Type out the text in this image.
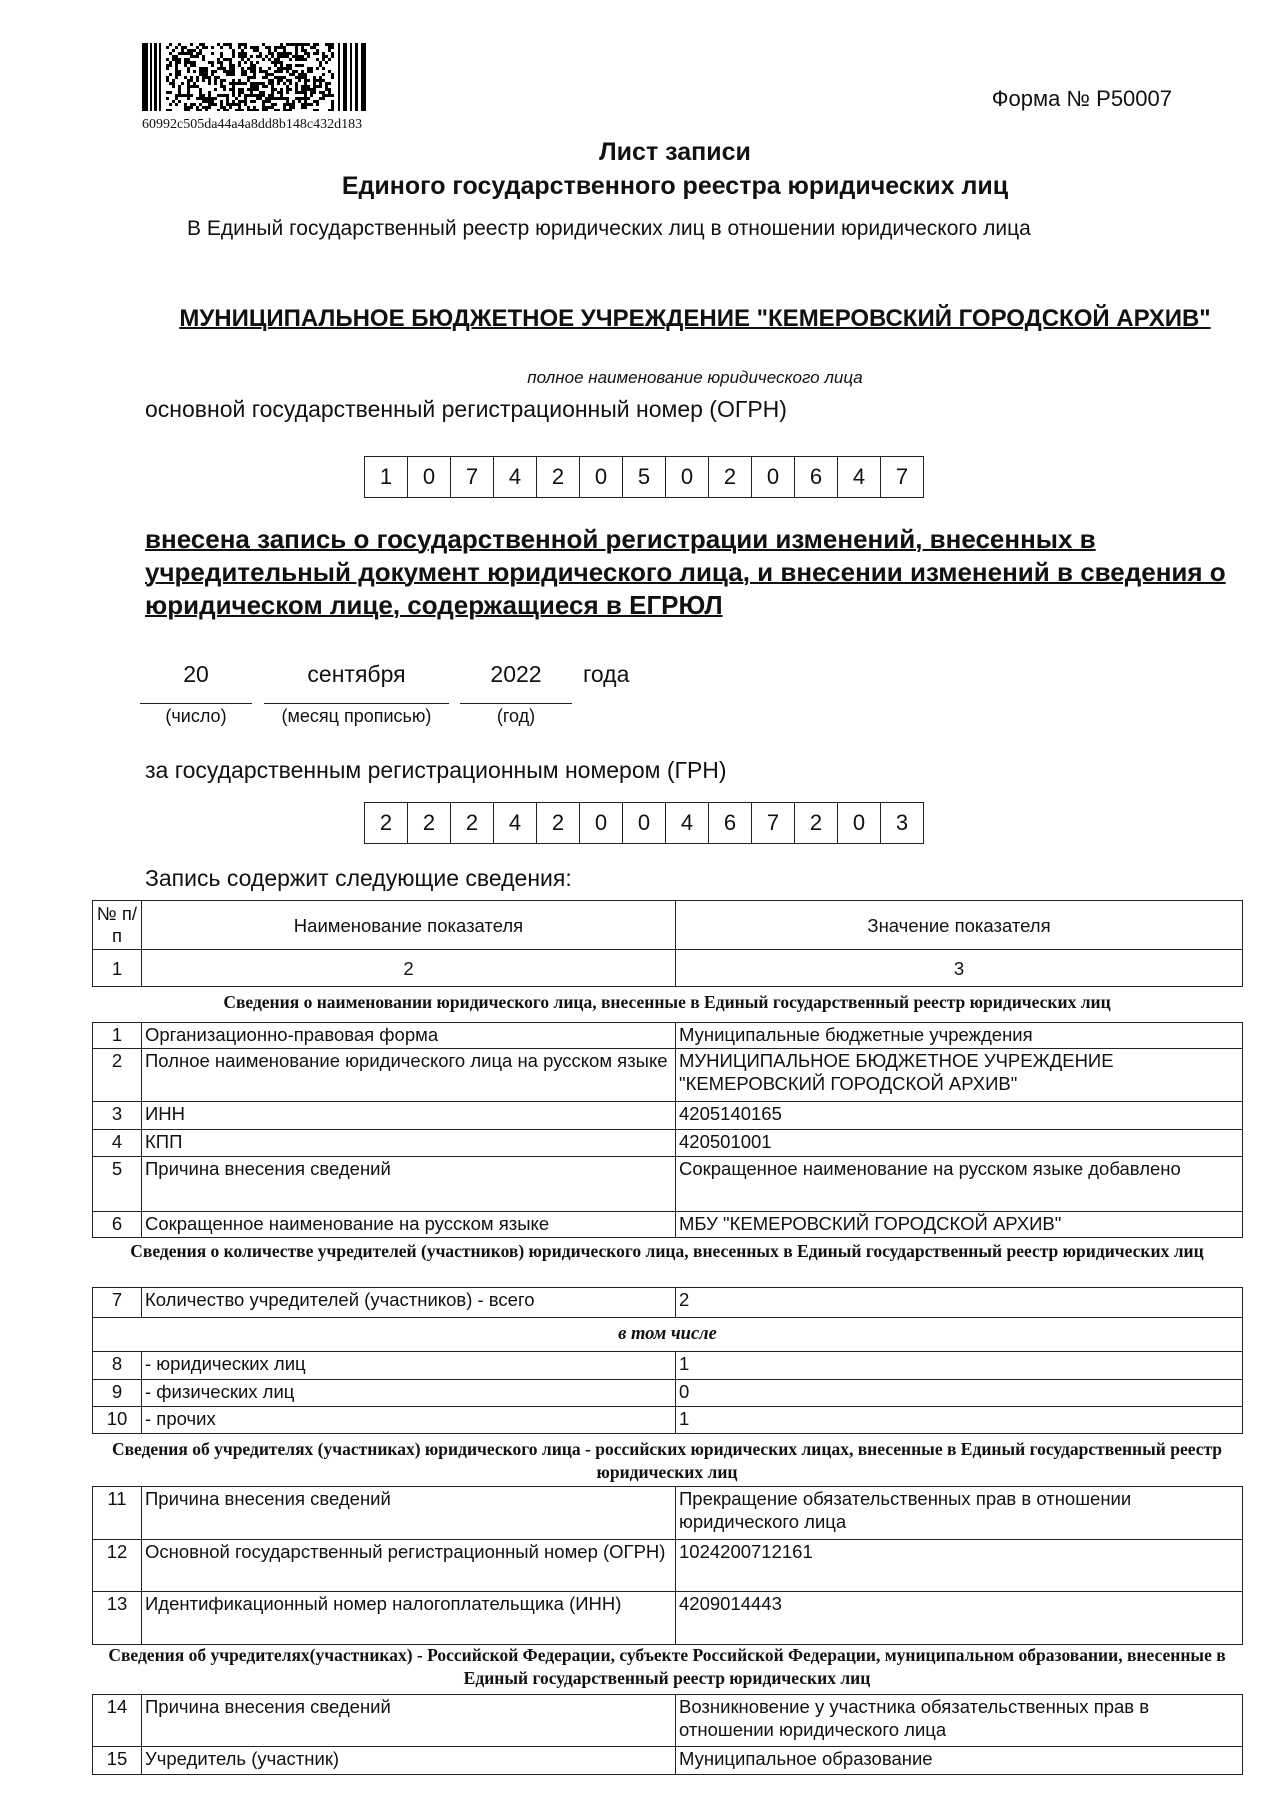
60992c505da44a4a8dd8b148c432d183
Форма № Р50007
Лист записи
Единого государственного реестра юридических лиц
В Единый государственный реестр юридических лиц в отношении юридического лица
МУНИЦИПАЛЬНОЕ БЮДЖЕТНОЕ УЧРЕЖДЕНИЕ "КЕМЕРОВСКИЙ ГОРОДСКОЙ АРХИВ"
полное наименование юридического лица
основной государственный регистрационный номер (ОГРН)
1	0	7	4	2	0	5	0	2	0	6	4	7
внесена запись о государственной регистрации изменений, внесенных в учредительный документ юридического лица, и внесении изменений в сведения о юридическом лице, содержащиеся в ЕГРЮЛ
20	сентября	2022	года
(число)	(месяц прописью)	(год)
за государственным регистрационным номером (ГРН)
2	2	2	4	2	0	0	4	6	7	2	0	3
Запись содержит следующие сведения:
№ п/п	Наименование показателя	Значение показателя
1	2	3
Сведения о наименовании юридического лица, внесенные в Единый государственный реестр юридических лиц
1	Организационно-правовая форма	Муниципальные бюджетные учреждения
2	Полное наименование юридического лица на русском языке	МУНИЦИПАЛЬНОЕ БЮДЖЕТНОЕ УЧРЕЖДЕНИЕ "КЕМЕРОВСКИЙ ГОРОДСКОЙ АРХИВ"
3	ИНН	4205140165
4	КПП	420501001
5	Причина внесения сведений	Сокращенное наименование на русском языке добавлено
6	Сокращенное наименование на русском языке	МБУ "КЕМЕРОВСКИЙ ГОРОДСКОЙ АРХИВ"
Сведения о количестве учредителей (участников) юридического лица, внесенных в Единый государственный реестр юридических лиц
7	Количество учредителей (участников) - всего	2
в том числе		
8	- юридических лиц	1
9	- физических лиц	0
10	- прочих	1
Сведения об учредителях (участниках) юридического лица - российских юридических лицах, внесенные в Единый государственный реестр юридических лиц
11	Причина внесения сведений	Прекращение обязательственных прав в отношении юридического лица
12	Основной государственный регистрационный номер (ОГРН)	1024200712161
13	Идентификационный номер налогоплательщика (ИНН)	4209014443
Сведения об учредителях(участниках) - Российской Федерации, субъекте Российской Федерации, муниципальном образовании, внесенные в Единый государственный реестр юридических лиц
14	Причина внесения сведений	Возникновение у участника обязательственных прав в отношении юридического лица
15	Учредитель (участник)	Муниципальное образование
